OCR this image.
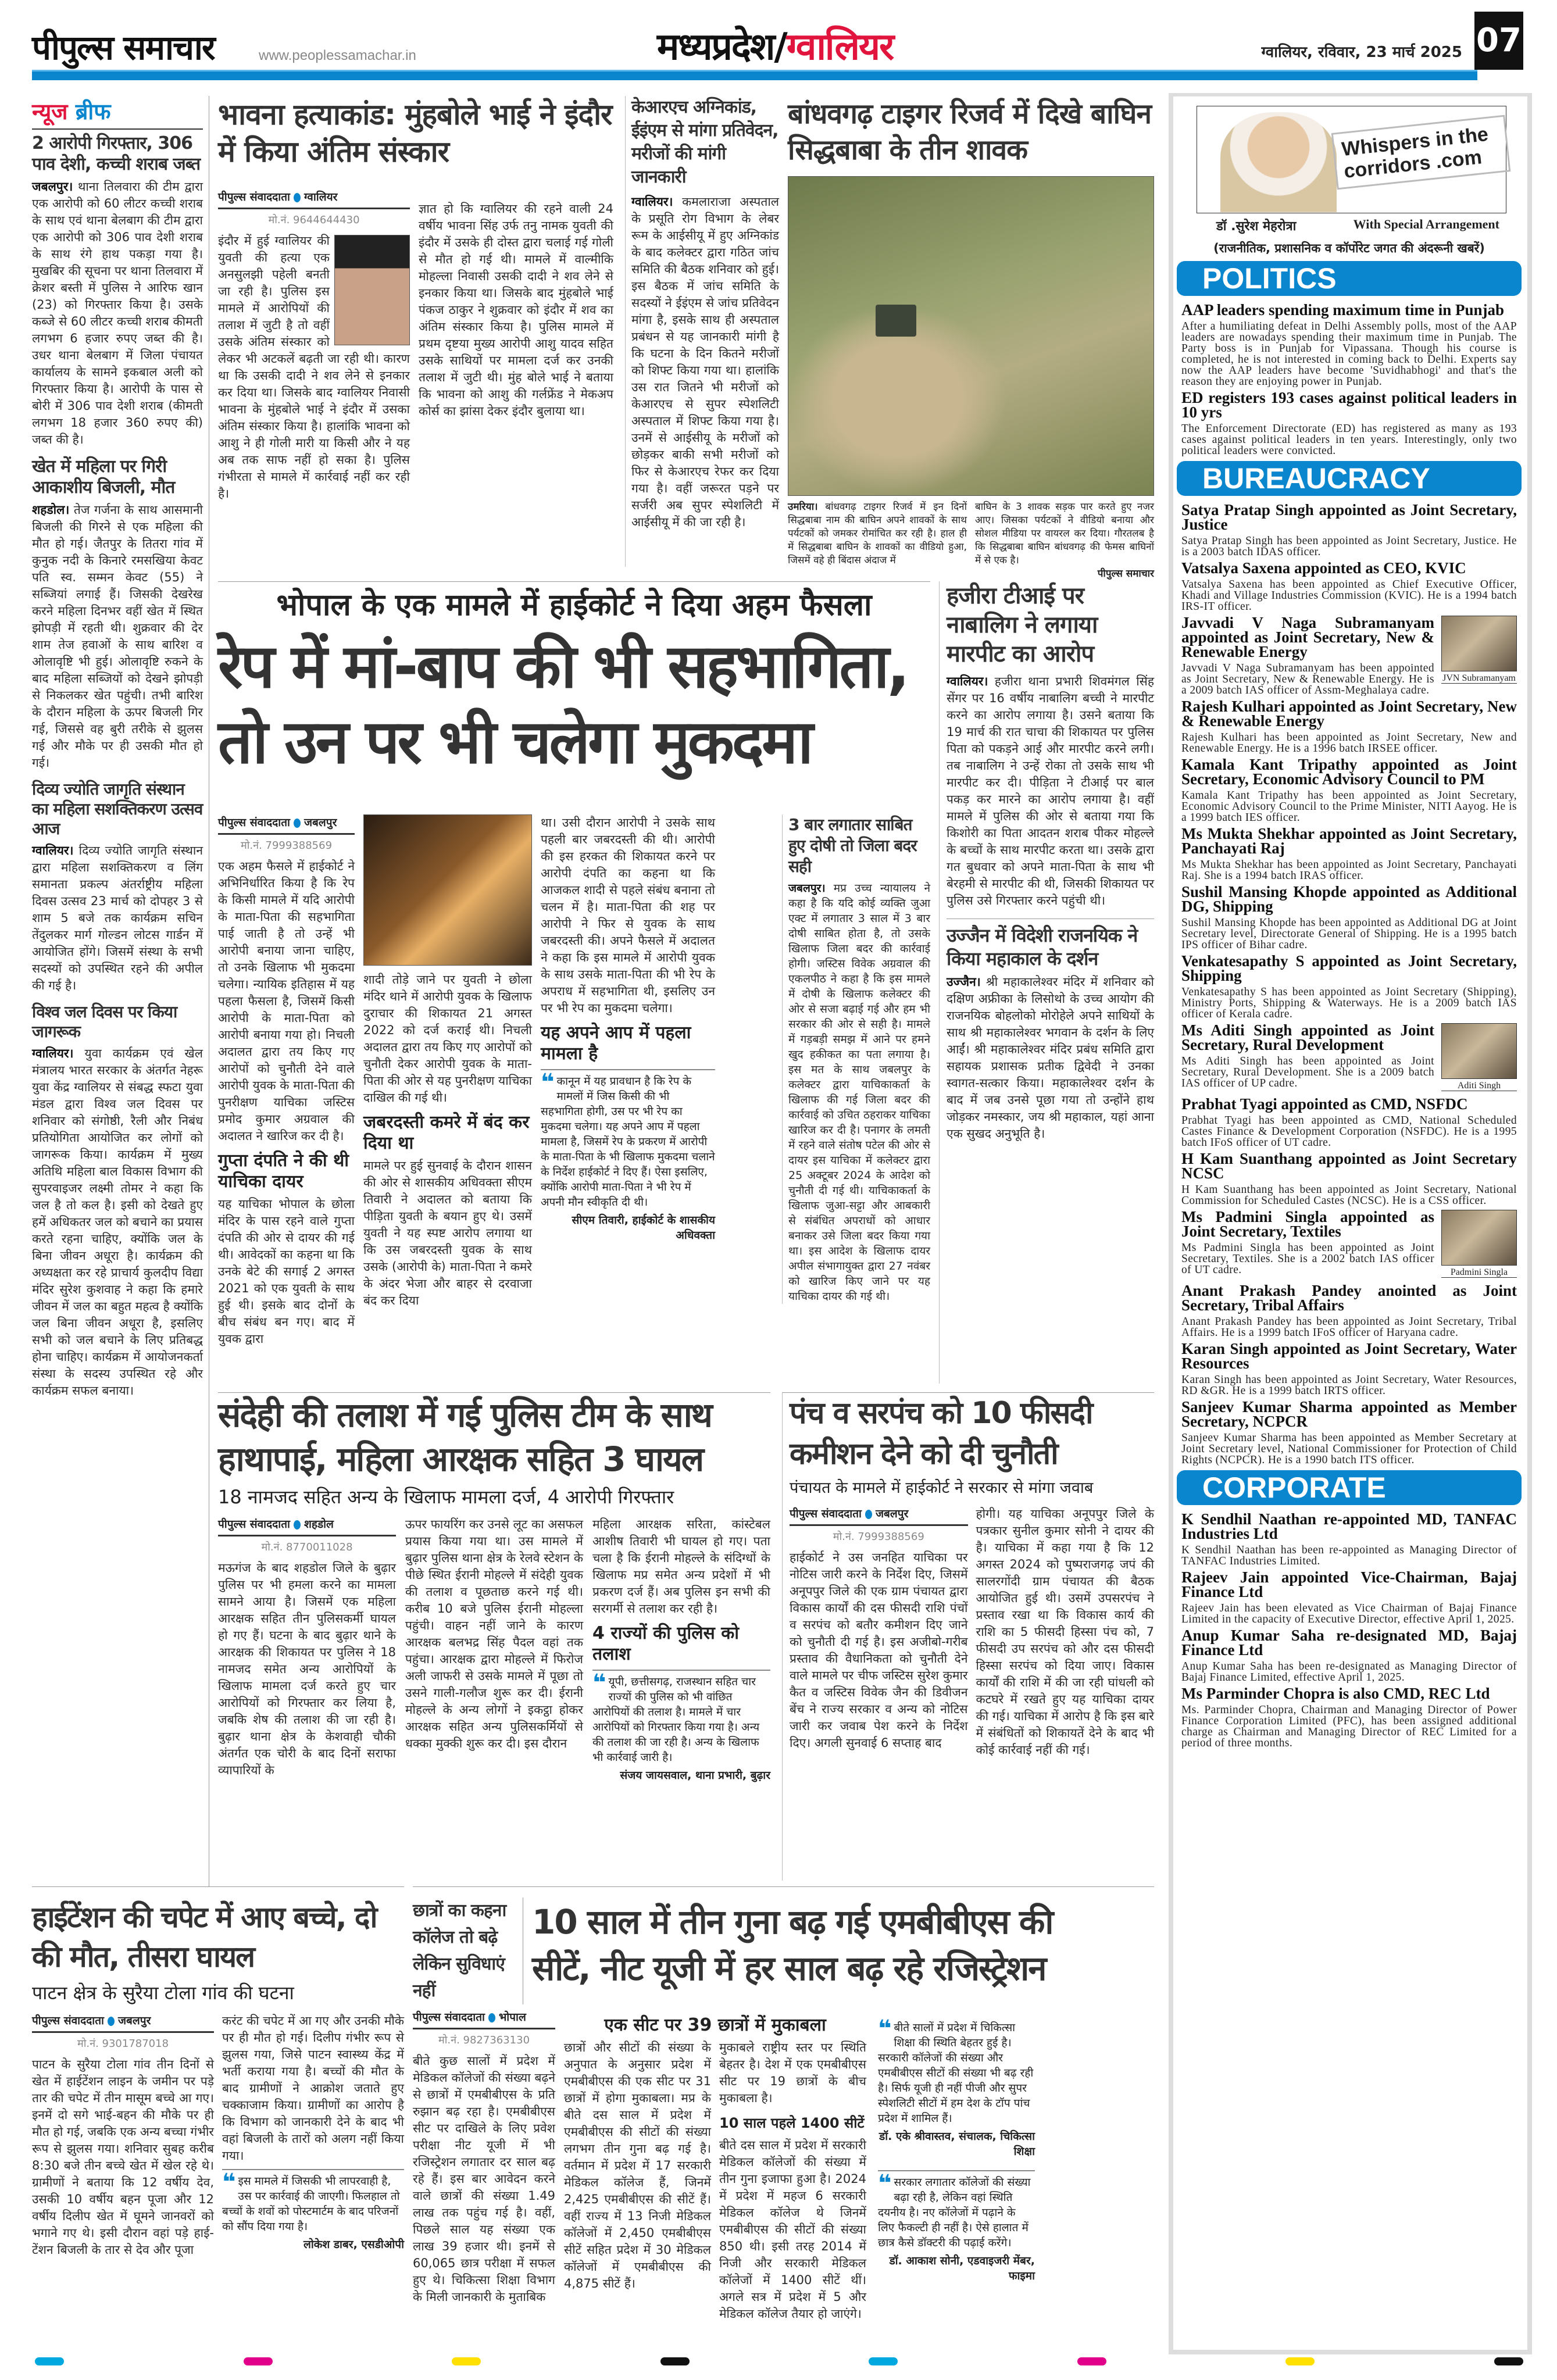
पीपुल्स समाचार	www.peoplessamachar.in	मध्यप्रदेश/ग्वालियर	ग्वालियर, रविवार, 23 मार्च 2025 07
न्यूज ब्रीफ
2 आरोपी गिरफ्तार, 306 पाव देशी, कच्ची शराब जब्त
जबलपुर। थाना तिलवारा की टीम द्वारा एक आरोपी को 60 लीटर कच्ची शराब के साथ एवं थाना बेलबाग की टीम द्वारा एक आरोपी को 306 पाव देशी शराब के साथ रंगे हाथ पकड़ा गया है। मुखबिर की सूचना पर थाना तिलवारा में क्रेशर बस्ती में पुलिस ने आरिफ खान (23) को गिरफ्तार किया है। उसके कब्जे से 60 लीटर कच्ची शराब कीमती लगभग 6 हजार रुपए जब्त की है। उधर थाना बेलबाग में जिला पंचायत कार्यालय के सामने इकबाल अली को गिरफ्तार किया है। आरोपी के पास से बोरी में 306 पाव देशी शराब (कीमती लगभग 18 हजार 360 रुपए की) जब्त की है।
खेत में महिला पर गिरी आकाशीय बिजली, मौत
शहडोल। तेज गर्जना के साथ आसमानी बिजली की गिरने से एक महिला की मौत हो गई। जैतपुर के तितरा गांव में कुनुक नदी के किनारे रमसखिया केवट पति स्व. सम्मन केवट (55) ने सब्जियां लगाई हैं। जिसकी देखरेख करने महिला दिनभर वहीं खेत में स्थित झोपड़ी में रहती थी। शुक्रवार की देर शाम तेज हवाओं के साथ बारिश व ओलावृष्टि भी हुई। ओलावृष्टि रुकने के बाद महिला सब्जियों को देखने झोपड़ी से निकलकर खेत पहुंची। तभी बारिश के दौरान महिला के ऊपर बिजली गिर गई, जिससे वह बुरी तरीके से झुलस गई और मौके पर ही उसकी मौत हो गई।
दिव्य ज्योति जागृति संस्थान का महिला सशक्तिकरण उत्सव आज
ग्वालियर। दिव्य ज्योति जागृति संस्थान द्वारा महिला सशक्तिकरण व लिंग समानता प्रकल्प अंतर्राष्ट्रीय महिला दिवस उत्सव 23 मार्च को दोपहर 3 से शाम 5 बजे तक कार्यक्रम सचिन तेंदुलकर मार्ग गोल्डन लोटस गार्डन में आयोजित होंगे। जिसमें संस्था के सभी सदस्यों को उपस्थित रहने की अपील की गई है।
विश्व जल दिवस पर किया जागरूक
ग्वालियर। युवा कार्यक्रम एवं खेल मंत्रालय भारत सरकार के अंतर्गत नेहरू युवा केंद्र ग्वालियर से संबद्ध स्फटा युवा मंडल द्वारा विश्व जल दिवस पर शनिवार को संगोष्ठी, रैली और निबंध प्रतियोगिता आयोजित कर लोगों को जागरूक किया। कार्यक्रम में मुख्य अतिथि महिला बाल विकास विभाग की सुपरवाइजर लक्ष्मी तोमर ने कहा कि जल है तो कल है। इसी को देखते हुए हमें अधिकतर जल को बचाने का प्रयास करते रहना चाहिए, क्योंकि जल के बिना जीवन अधूरा है। कार्यक्रम की अध्यक्षता कर रहे प्राचार्य कुलदीप विद्या मंदिर सुरेश कुशवाह ने कहा कि हमारे जीवन में जल का बहुत महत्व है क्योंकि जल बिना जीवन अधूरा है, इसलिए सभी को जल बचाने के लिए प्रतिबद्ध होना चाहिए। कार्यक्रम में आयोजनकर्ता संस्था के सदस्य उपस्थित रहे और कार्यक्रम सफल बनाया।
भावना हत्याकांड: मुंहबोले भाई ने इंदौर में किया अंतिम संस्कार
पीपुल्स संवाददाता ग्वालियर
मो.नं. 9644644430
इंदौर में हुई ग्वालियर की युवती की हत्या एक अनसुलझी पहेली बनती जा रही है। पुलिस इस मामले में आरोपियों की तलाश में जुटी है तो वहीं उसके अंतिम संस्कार को लेकर भी अटकलें बढ़ती जा रही थी। कारण था कि उसकी दादी ने शव लेने से इनकार कर दिया था। जिसके बाद ग्वालियर निवासी भावना के मुंहबोले भाई ने इंदौर में उसका अंतिम संस्कार किया है। हालांकि भावना को आशु ने ही गोली मारी या किसी और ने यह अब तक साफ नहीं हो सका है। पुलिस गंभीरता से मामले में कार्रवाई नहीं कर रही है।
ज्ञात हो कि ग्वालियर की रहने वाली 24 वर्षीय भावना सिंह उर्फ तनु नामक युवती की इंदौर में उसके ही दोस्त द्वारा चलाई गई गोली से मौत हो गई थी। मामले में वाल्मीकि मोहल्ला निवासी उसकी दादी ने शव लेने से इनकार किया था। जिसके बाद मुंहबोले भाई पंकज ठाकुर ने शुक्रवार को इंदौर में शव का अंतिम संस्कार किया है। पुलिस मामले में प्रथम दृष्टया मुख्य आरोपी आशु यादव सहित उसके साथियों पर मामला दर्ज कर उनकी तलाश में जुटी थी। मुंह बोले भाई ने बताया कि भावना को आशु की गर्लफ्रेंड ने मेकअप कोर्स का झांसा देकर इंदौर बुलाया था।
केआरएच अग्निकांड, ईइंएम से मांगा प्रतिवेदन, मरीजों की मांगी जानकारी
ग्वालियर। कमलाराजा अस्पताल के प्रसूति रोग विभाग के लेबर रूम के आईसीयू में हुए अग्निकांड के बाद कलेक्टर द्वारा गठित जांच समिति की बैठक शनिवार को हुई। इस बैठक में जांच समिति के सदस्यों ने ईइंएम से जांच प्रतिवेदन मांगा है, इसके साथ ही अस्पताल प्रबंधन से यह जानकारी मांगी है कि घटना के दिन कितने मरीजों को शिफ्ट किया गया था। हालांकि उस रात जितने भी मरीजों को केआरएच से सुपर स्पेशलिटी अस्पताल में शिफ्ट किया गया है। उनमें से आईसीयू के मरीजों को छोड़कर बाकी सभी मरीजों को फिर से केआरएच रेफर कर दिया गया है। वहीं जरूरत पड़ने पर सर्जरी अब सुपर स्पेशलिटी में आईसीयू में की जा रही है।
बांधवगढ़ टाइगर रिजर्व में दिखे बाघिन सिद्धबाबा के तीन शावक
उमरिया। बांधवगढ़ टाइगर रिजर्व में इन दिनों सिद्धबाबा नाम की बाघिन अपने शावकों के साथ पर्यटकों को जमकर रोमांचित कर रही है। हाल ही में सिद्धबाबा बाघिन के शावकों का वीडियो हुआ, जिसमें वहे ही बिंदास अंदाज में
बाघिन के 3 शावक सड़क पार करते हुए नजर आए। जिसका पर्यटकों ने वीडियो बनाया और सोशल मीडिया पर वायरल कर दिया। गौरतलब है कि सिद्धबाबा बाघिन बांधवगढ़ की फेमस बाघिनों में से एक है।
पीपुल्स समाचार
भोपाल के एक मामले में हाईकोर्ट ने दिया अहम फैसला
रेप में मां-बाप की भी सहभागिता,
तो उन पर भी चलेगा मुकदमा
पीपुल्स संवाददाता जबलपुर
मो.नं. 7999388569
एक अहम फैसले में हाईकोर्ट ने अभिनिर्धारित किया है कि रेप के किसी मामले में यदि आरोपी के माता-पिता की सहभागिता पाई जाती है तो उन्हें भी आरोपी बनाया जाना चाहिए, तो उनके खिलाफ भी मुकदमा चलेगा। न्यायिक इतिहास में यह पहला फैसला है, जिसमें किसी आरोपी के माता-पिता को आरोपी बनाया गया हो। निचली अदालत द्वारा तय किए गए आरोपों को चुनौती देने वाले आरोपी युवक के माता-पिता की पुनरीक्षण याचिका जस्टिस प्रमोद कुमार अग्रवाल की अदालत ने खारिज कर दी है।
गुप्ता दंपति ने की थी याचिका दायर
यह याचिका भोपाल के छोला मंदिर के पास रहने वाले गुप्ता दंपति की ओर से दायर की गई थी। आवेदकों का कहना था कि उनके बेटे की सगाई 2 अगस्त 2021 को एक युवती के साथ हुई थी। इसके बाद दोनों के बीच संबंध बन गए। बाद में युवक द्वारा
शादी तोड़े जाने पर युवती ने छोला मंदिर थाने में आरोपी युवक के खिलाफ दुराचार की शिकायत 21 अगस्त 2022 को दर्ज कराई थी। निचली अदालत द्वारा तय किए गए आरोपों को चुनौती देकर आरोपी युवक के माता-पिता की ओर से यह पुनरीक्षण याचिका दाखिल की गई थी।
जबरदस्ती कमरे में बंद कर दिया था
मामले पर हुई सुनवाई के दौरान शासन की ओर से शासकीय अधिवक्ता सीएम तिवारी ने अदालत को बताया कि पीड़िता युवती के बयान हुए थे। उसमें युवती ने यह स्पष्ट आरोप लगाया था कि उस जबरदस्ती युवक के साथ उसके (आरोपी के) माता-पिता ने कमरे के अंदर भेजा और बाहर से दरवाजा बंद कर दिया
था। उसी दौरान आरोपी ने उसके साथ पहली बार जबरदस्ती की थी। आरोपी की इस हरकत की शिकायत करने पर आरोपी दंपति का कहना था कि आजकल शादी से पहले संबंध बनाना तो चलन में है। माता-पिता की शह पर आरोपी ने फिर से युवक के साथ जबरदस्ती की। अपने फैसले में अदालत ने कहा कि इस मामले में आरोपी युवक के साथ उसके माता-पिता की भी रेप के अपराध में सहभागिता थी, इसलिए उन पर भी रेप का मुकदमा चलेगा।
यह अपने आप में पहला मामला है
❝ कानून में यह प्रावधान है कि रेप के मामलों में जिस किसी की भी सहभागिता होगी, उस पर भी रेप का मुकदमा चलेगा। यह अपने आप में पहला मामला है, जिसमें रेप के प्रकरण में आरोपी के माता-पिता के भी खिलाफ मुकदमा चलाने के निर्देश हाईकोर्ट ने दिए हैं। ऐसा इसलिए, क्योंकि आरोपी माता-पिता ने भी रेप में अपनी मौन स्वीकृति दी थी।
सीएम तिवारी, हाईकोर्ट के शासकीय अधिवक्ता
3 बार लगातार साबित हुए दोषी तो जिला बदर सही
जबलपुर। मप्र उच्च न्यायालय ने कहा है कि यदि कोई व्यक्ति जुआ एक्ट में लगातार 3 साल में 3 बार दोषी साबित होता है, तो उसके खिलाफ जिला बदर की कार्रवाई होगी। जस्टिस विवेक अग्रवाल की एकलपीठ ने कहा है कि इस मामले में दोषी के खिलाफ कलेक्टर की ओर से सजा बढ़ाई गई और हम भी सरकार की ओर से सही है। मामले में गड़बड़ी समझ में आने पर हमने खुद हकीकत का पता लगाया है। इस मत के साथ जबलपुर के कलेक्टर द्वारा याचिकाकर्ता के खिलाफ की गई जिला बदर की कार्रवाई को उचित ठहराकर याचिका खारिज कर दी है। पनागर के लमती में रहने वाले संतोष पटेल की ओर से दायर इस याचिका में कलेक्टर द्वारा 25 अक्टूबर 2024 के आदेश को चुनौती दी गई थी। याचिकाकर्ता के खिलाफ जुआ-सट्टा और आबकारी से संबंधित अपराधों को आधार बनाकर उसे जिला बदर किया गया था। इस आदेश के खिलाफ दायर अपील संभागायुक्त द्वारा 27 नवंबर को खारिज किए जाने पर यह याचिका दायर की गई थी।
हजीरा टीआई पर नाबालिग ने लगाया मारपीट का आरोप
ग्वालियर। हजीरा थाना प्रभारी शिवमंगल सिंह सेंगर पर 16 वर्षीय नाबालिग बच्ची ने मारपीट करने का आरोप लगाया है। उसने बताया कि 19 मार्च की रात चाचा की शिकायत पर पुलिस पिता को पकड़ने आई और मारपीट करने लगी। तब नाबालिग ने उन्हें रोका तो उसके साथ भी मारपीट कर दी। पीड़िता ने टीआई पर बाल पकड़ कर मारने का आरोप लगाया है। वहीं मामले में पुलिस की ओर से बताया गया कि किशोरी का पिता आदतन शराब पीकर मोहल्ले के बच्चों के साथ मारपीट करता था। उसके द्वारा गत बुधवार को अपने माता-पिता के साथ भी बेरहमी से मारपीट की थी, जिसकी शिकायत पर पुलिस उसे गिरफ्तार करने पहुंची थी।
उज्जैन में विदेशी राजनयिक ने किया महाकाल के दर्शन
उज्जैन। श्री महाकालेश्वर मंदिर में शनिवार को दक्षिण अफ्रीका के लिसोथो के उच्च आयोग की राजनयिक बोहलोको मोरोहेले अपने साथियों के साथ श्री महाकालेश्वर भगवान के दर्शन के लिए आईं। श्री महाकालेश्वर मंदिर प्रबंध समिति द्वारा सहायक प्रशासक प्रतीक द्विवेदी ने उनका स्वागत-सत्कार किया। महाकालेश्वर दर्शन के बाद में जब उनसे पूछा गया तो उन्होंने हाथ जोड़कर नमस्कार, जय श्री महाकाल, यहां आना एक सुखद अनुभूति है।
संदेही की तलाश में गई पुलिस टीम के साथ हाथापाई, महिला आरक्षक सहित 3 घायल
18 नामजद सहित अन्य के खिलाफ मामला दर्ज, 4 आरोपी गिरफ्तार
पीपुल्स संवाददाता शहडोल
मो.नं. 8770011028
मऊगंज के बाद शहडोल जिले के बुढ़ार पुलिस पर भी हमला करने का मामला सामने आया है। जिसमें एक महिला आरक्षक सहित तीन पुलिसकर्मी घायल हो गए हैं। घटना के बाद बुढ़ार थाने के आरक्षक की शिकायत पर पुलिस ने 18 नामजद समेत अन्य आरोपियों के खिलाफ मामला दर्ज करते हुए चार आरोपियों को गिरफ्तार कर लिया है, जबकि शेष की तलाश की जा रही है। बुढ़ार थाना क्षेत्र के केशवाही चौकी अंतर्गत एक चोरी के बाद दिनों सराफा व्यापारियों के
ऊपर फायरिंग कर उनसे लूट का असफल प्रयास किया गया था। उस मामले में बुढ़ार पुलिस थाना क्षेत्र के रेलवे स्टेशन के पीछे स्थित ईरानी मोहल्ले में संदेही युवक की तलाश व पूछताछ करने गई थी। करीब 10 बजे पुलिस ईरानी मोहल्ला पहुंची। वाहन नहीं जाने के कारण आरक्षक बलभद्र सिंह पैदल वहां तक पहुंचा। आरक्षक द्वारा मोहल्ले में फिरोज अली जाफरी से उसके मामले में पूछा तो उसने गाली-गलौज शुरू कर दी। ईरानी मोहल्ले के अन्य लोगों ने इकट्ठा होकर आरक्षक सहित अन्य पुलिसकर्मियों से धक्का मुक्की शुरू कर दी। इस दौरान
महिला आरक्षक सरिता, कांस्टेबल आशीष तिवारी भी घायल हो गए। पता चला है कि ईरानी मोहल्ले के संदिग्धों के खिलाफ मप्र समेत अन्य प्रदेशों में भी प्रकरण दर्ज हैं। अब पुलिस इन सभी की सरगर्मी से तलाश कर रही है।
4 राज्यों की पुलिस को तलाश
❝ यूपी, छत्तीसगढ़, राजस्थान सहित चार राज्यों की पुलिस को भी वांछित आरोपियों की तलाश है। मामले में चार आरोपियों को गिरफ्तार किया गया है। अन्य की तलाश की जा रही है। अन्य के खिलाफ भी कार्रवाई जारी है।
संजय जायसवाल, थाना प्रभारी, बुढ़ार
पंच व सरपंच को 10 फीसदी कमीशन देने को दी चुनौती
पंचायत के मामले में हाईकोर्ट ने सरकार से मांगा जवाब
पीपुल्स संवाददाता जबलपुर
मो.नं. 7999388569
हाईकोर्ट ने उस जनहित याचिका पर नोटिस जारी करने के निर्देश दिए, जिसमें अनूपपुर जिले की एक ग्राम पंचायत द्वारा विकास कार्यों की दस फीसदी राशि पंचों व सरपंच को बतौर कमीशन दिए जाने को चुनौती दी गई है। इस अजीबो-गरीब प्रस्ताव की वैधानिकता को चुनौती देने वाले मामले पर चीफ जस्टिस सुरेश कुमार कैत व जस्टिस विवेक जैन की डिवीजन बेंच ने राज्य सरकार व अन्य को नोटिस जारी कर जवाब पेश करने के निर्देश दिए। अगली सुनवाई 6 सप्ताह बाद
होगी। यह याचिका अनूपपुर जिले के पत्रकार सुनील कुमार सोनी ने दायर की है। याचिका में कहा गया है कि 12 अगस्त 2024 को पुष्पराजगढ़ जपं की सालरगोंदी ग्राम पंचायत की बैठक आयोजित हुई थी। उसमें उपसरपंच ने प्रस्ताव रखा था कि विकास कार्य की राशि का 5 फीसदी हिस्सा पंच को, 7 फीसदी उप सरपंच को और दस फीसदी हिस्सा सरपंच को दिया जाए। विकास कार्यों की राशि में की जा रही घांधली को कटघरे में रखते हुए यह याचिका दायर की गई। याचिका में आरोप है कि इस बारे में संबंधितों को शिकायतें देने के बाद भी कोई कार्रवाई नहीं की गई।
हाईटेंशन की चपेट में आए बच्चे, दो की मौत, तीसरा घायल
पाटन क्षेत्र के सुरैया टोला गांव की घटना
पीपुल्स संवाददाता जबलपुर
मो.नं. 9301787018
पाटन के सुरैया टोला गांव तीन दिनों से खेत में हाईटेंशन लाइन के जमीन पर पड़े तार की चपेट में तीन मासूम बच्चे आ गए। इनमें दो सगे भाई-बहन की मौके पर ही मौत हो गई, जबकि एक अन्य बच्चा गंभीर रूप से झुलस गया। शनिवार सुबह करीब 8:30 बजे तीन बच्चे खेत में खेल रहे थे। ग्रामीणों ने बताया कि 12 वर्षीय देव, उसकी 10 वर्षीय बहन पूजा और 12 वर्षीय दिलीप खेत में घूमने जानवरों को भगाने गए थे। इसी दौरान वहां पड़े हाई-टेंशन बिजली के तार से देव और पूजा
करंट की चपेट में आ गए और उनकी मौके पर ही मौत हो गई। दिलीप गंभीर रूप से झुलस गया, जिसे पाटन स्वास्थ्य केंद्र में भर्ती कराया गया है। बच्चों की मौत के बाद ग्रामीणों ने आक्रोश जताते हुए चक्काजाम किया। ग्रामीणों का आरोप है कि विभाग को जानकारी देने के बाद भी वहां बिजली के तारों को अलग नहीं किया गया।
❝ इस मामले में जिसकी भी लापरवाही है, उस पर कार्रवाई की जाएगी। फिलहाल तो बच्चों के शवों को पोस्टमार्टम के बाद परिजनों को सौंप दिया गया है।
लोकेश डाबर, एसडीओपी
छात्रों का कहना कॉलेज तो बढ़े लेकिन सुविधाएं नहीं
10 साल में तीन गुना बढ़ गई एमबीबीएस की
सीटें, नीट यूजी में हर साल बढ़ रहे रजिस्ट्रेशन
पीपुल्स संवाददाता भोपाल
मो.नं. 9827363130
बीते कुछ सालों में प्रदेश में मेडिकल कॉलेजों की संख्या बढ़ने से छात्रों में एमबीबीएस के प्रति रुझान बढ़ रहा है। एमबीबीएस सीट पर दाखिले के लिए प्रवेश परीक्षा नीट यूजी में भी रजिस्ट्रेशन लगातार दर साल बढ़ रहे हैं। इस बार आवेदन करने वाले छात्रों की संख्या 1.49 लाख तक पहुंच गई है। वहीं, पिछले साल यह संख्या एक लाख 39 हजार थी। इनमें से 60,065 छात्र परीक्षा में सफल हुए थे। चिकित्सा शिक्षा विभाग के मिली जानकारी के मुताबिक
एक सीट पर 39 छात्रों में मुकाबला
छात्रों और सीटों की संख्या के अनुपात के अनुसार प्रदेश में एमबीबीएस की एक सीट पर 31 छात्रों में होगा मुकाबला। मप्र के बीते दस साल में प्रदेश में एमबीबीएस की सीटों की संख्या लगभग तीन गुना बढ़ गई है। वर्तमान में प्रदेश में 17 सरकारी मेडिकल कॉलेज हैं, जिनमें 2,425 एमबीबीएस की सीटें हैं। वहीं राज्य में 13 निजी मेडिकल कॉलेजों में 2,450 एमबीबीएस सीटें सहित प्रदेश में 30 मेडिकल कॉलेजों में एमबीबीएस की 4,875 सीटें हैं।
मुकाबले राष्ट्रीय स्तर पर स्थिति बेहतर है। देश में एक एमबीबीएस सीट पर 19 छात्रों के बीच मुकाबला है।
10 साल पहले 1400 सीटें
बीते दस साल में प्रदेश में सरकारी मेडिकल कॉलेजों की संख्या में तीन गुना इजाफा हुआ है। 2024 में प्रदेश में महज 6 सरकारी मेडिकल कॉलेज थे जिनमें एमबीबीएस की सीटों की संख्या 850 थी। इसी तरह 2014 में निजी और सरकारी मेडिकल कॉलेजों में 1400 सीटें थीं। अगले सत्र में प्रदेश में 5 और मेडिकल कॉलेज तैयार हो जाएंगे।
❝ बीते सालों में प्रदेश में चिकित्सा शिक्षा की स्थिति बेहतर हुई है। सरकारी कॉलेजों की संख्या और एमबीबीएस सीटों की संख्या भी बढ़ रही है। सिर्फ यूजी ही नहीं पीजी और सुपर स्पेशलिटी सीटों में हम देश के टॉप पांच प्रदेश में शामिल हैं।
डॉ. एके श्रीवास्तव, संचालक, चिकित्सा शिक्षा
❝ सरकार लगातार कॉलेजों की संख्या बढ़ा रही है, लेकिन वहां स्थिति दयनीय है। नए कॉलेजों में पढ़ाने के लिए फैकल्टी ही नहीं है। ऐसे हालात में छात्र कैसे डॉक्टरी की पढ़ाई करेंगे।
डॉ. आकाश सोनी, एडवाइजरी मेंबर, फाइमा
Whispers in the corridors .com
डॉ .सुरेश मेहरोत्रा	With Special Arrangement
(राजनीतिक, प्रशासनिक व कॉर्पोरेट जगत की अंदरूनी खबरें)
POLITICS
AAP leaders spending maximum time in Punjab
After a humiliating defeat in Delhi Assembly polls, most of the AAP leaders are nowadays spending their maximum time in Punjab. The Party boss is in Punjab for Vipassana. Though his course is completed, he is not interested in coming back to Delhi. Experts say now the AAP leaders have become 'Suvidhabhogi' and that's the reason they are enjoying power in Punjab.
ED registers 193 cases against political leaders in 10 yrs
The Enforcement Directorate (ED) has registered as many as 193 cases against political leaders in ten years. Interestingly, only two political leaders were convicted.
BUREAUCRACY
Satya Pratap Singh appointed as Joint Secretary, Justice
Satya Pratap Singh has been appointed as Joint Secretary, Justice. He is a 2003 batch IDAS officer.
Vatsalya Saxena appointed as CEO, KVIC
Vatsalya Saxena has been appointed as Chief Executive Officer, Khadi and Village Industries Commission (KVIC). He is a 1994 batch IRS-IT officer.
JVN Subramanyam
Javvadi V Naga Subramanyam appointed as Joint Secretary, New & Renewable Energy
Javvadi V Naga Subramanyam has been appointed as Joint Secretary, New & Renewable Energy. He is a 2009 batch IAS officer of Assm-Meghalaya cadre.
Rajesh Kulhari appointed as Joint Secretary, New & Renewable Energy
Rajesh Kulhari has been appointed as Joint Secretary, New and Renewable Energy. He is a 1996 batch IRSEE officer.
Kamala Kant Tripathy appointed as Joint Secretary, Economic Advisory Council to PM
Kamala Kant Tripathy has been appointed as Joint Secretary, Economic Advisory Council to the Prime Minister, NITI Aayog. He is a 1999 batch IES officer.
Ms Mukta Shekhar appointed as Joint Secretary, Panchayati Raj
Ms Mukta Shekhar has been appointed as Joint Secretary, Panchayati Raj. She is a 1994 batch IRAS officer.
Sushil Mansing Khopde appointed as Additional DG, Shipping
Sushil Mansing Khopde has been appointed as Additional DG at Joint Secretary level, Directorate General of Shipping. He is a 1995 batch IPS officer of Bihar cadre.
Venkatesapathy S appointed as Joint Secretary, Shipping
Venkatesapathy S has been appointed as Joint Secretary (Shipping), Ministry Ports, Shipping & Waterways. He is a 2009 batch IAS officer of Kerala cadre.
Aditi Singh
Ms Aditi Singh appointed as Joint Secretary, Rural Development
Ms Aditi Singh has been appointed as Joint Secretary, Rural Development. She is a 2009 batch IAS officer of UP cadre.
Prabhat Tyagi appointed as CMD, NSFDC
Prabhat Tyagi has been appointed as CMD, National Scheduled Castes Finance & Development Corporation (NSFDC). He is a 1995 batch IFoS officer of UT cadre.
H Kam Suanthang appointed as Joint Secretary NCSC
H Kam Suanthang has been appointed as Joint Secretary, National Commission for Scheduled Castes (NCSC). He is a CSS officer.
Padmini Singla
Ms Padmini Singla appointed as Joint Secretary, Textiles
Ms Padmini Singla has been appointed as Joint Secretary, Textiles. She is a 2002 batch IAS officer of UT cadre.
Anant Prakash Pandey anointed as Joint Secretary, Tribal Affairs
Anant Prakash Pandey has been appointed as Joint Secretary, Tribal Affairs. He is a 1999 batch IFoS officer of Haryana cadre.
Karan Singh appointed as Joint Secretary, Water Resources
Karan Singh has been appointed as Joint Secretary, Water Resources, RD &GR. He is a 1999 batch IRTS officer.
Sanjeev Kumar Sharma appointed as Member Secretary, NCPCR
Sanjeev Kumar Sharma has been appointed as Member Secretary at Joint Secretary level, National Commissioner for Protection of Child Rights (NCPCR). He is a 1990 batch ITS officer.
CORPORATE
K Sendhil Naathan re-appointed MD, TANFAC Industries Ltd
K Sendhil Naathan has been re-appointed as Managing Director of TANFAC Industries Limited.
Rajeev Jain appointed Vice-Chairman, Bajaj Finance Ltd
Rajeev Jain has been elevated as Vice Chairman of Bajaj Finance Limited in the capacity of Executive Director, effective April 1, 2025.
Anup Kumar Saha re-designated MD, Bajaj Finance Ltd
Anup Kumar Saha has been re-designated as Managing Director of Bajaj Finance Limited, effective April 1, 2025.
Ms Parminder Chopra is also CMD, REC Ltd
Ms. Parminder Chopra, Chairman and Managing Director of Power Finance Corporation Limited (PFC), has been assigned additional charge as Chairman and Managing Director of REC Limited for a period of three months.
